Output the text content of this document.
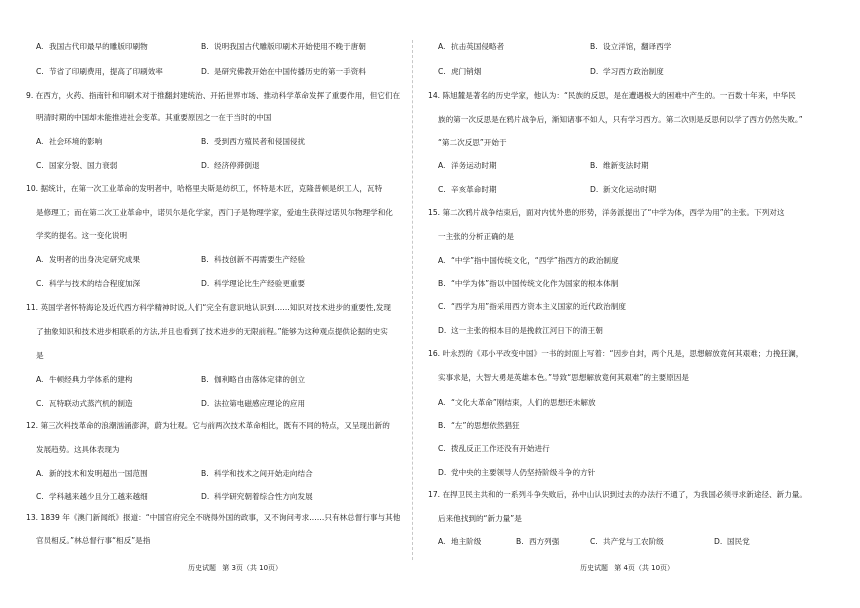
A. 我国古代印最早的雕版印刷物	B. 说明我国古代雕版印刷术开始使用不晚于唐朝
C. 节省了印刷费用，提高了印刷效率	D. 是研究佛教开始在中国传播历史的第一手资料
9. 在西方，火药、指南针和印刷术对于推翻封建统治、开拓世界市场、推动科学革命发挥了重要作用，但它们在
明清时期的中国却未能推进社会变革。其重要原因之一在于当时的中国
A. 社会环境的影响	B. 受到西方殖民者和侵国侵扰
C. 国家分裂、国力衰弱	D. 经济停滞倒退
10. 据统计，在第一次工业革命的发明者中，哈格里夫斯是纺织工，怀特是木匠，克隆普顿是织工人，瓦特
是修理工；而在第二次工业革命中，诺贝尔是化学家，西门子是物理学家，爱迪生获得过诺贝尔物理学和化
学奖的提名。这一变化说明
A. 发明者的出身决定研究成果	B. 科技创新不再需要生产经验
C. 科学与技术的结合程度加深	D. 科学理论比生产经验更重要
11. 英国学者怀特海论及近代西方科学精神时说,人们“完全有意识地认识到……知识对技术进步的重要性,发现
了抽象知识和技术进步相联系的方法,并且也看到了技术进步的无限前程。”能够为这种观点提供论据的史实
是
A. 牛顿经典力学体系的建构	B. 伽利略自由落体定律的创立
C. 瓦特联动式蒸汽机的制造	D. 法拉第电磁感应理论的应用
12. 第三次科技革命的浪潮汹涌澎湃，蔚为壮观。它与前两次技术革命相比，既有不同的特点，又呈现出新的
发展趋势。这具体表现为
A. 新的技术和发明超出一国范围	B. 科学和技术之间开始走向结合
C. 学科越来越少且分工越来越细	D. 科学研究朝着综合性方向发展
13. 1839 年《澳门新闻纸》报道：“中国官府完全不晓得外国的政事，又不询问考求……只有林总督行事与其他
官员相反。”林总督行事“相反”是指
历史试题 第 3页（共 10页）
A. 抗击英国侵略者	B. 设立洋馆，翻译西学
C. 虎门销烟	D. 学习西方政治制度
14. 陈旭麓是著名的历史学家，他认为：“民族的反思，是在遭遇极大的困难中产生的。一百数十年来，中华民
族的第一次反思是在鸦片战争后，渐知诸事不如人，只有学习西方。第二次则是反思何以学了西方仍然失败。”
“第二次反思”开始于
A. 洋务运动时期	B. 维新变法时期
C. 辛亥革命时期	D. 新文化运动时期
15. 第二次鸦片战争结束后，面对内忧外患的形势，洋务派提出了“中学为体，西学为用”的主张。下列对这
一主张的分析正确的是
A. “中学”指中国传统文化，“西学”指西方的政治制度
B. “中学为体”指以中国传统文化作为国家的根本体制
C. “西学为用”指采用西方资本主义国家的近代政治制度
D. 这一主张的根本目的是挽救江河日下的清王朝
16. 叶永烈的《邓小平改变中国》一书的封面上写着：“因步自封，两个凡是，思想解放竟何其艰难；力挽狂澜，
实事求是，大智大勇是英雄本色。”导致“思想解放竟何其艰难”的主要原因是
A. “文化大革命”刚结束，人们的思想还未解放
B. “左”的思想依然猖狂
C. 拨乱反正工作还没有开始进行
D. 党中央的主要领导人仍坚持阶级斗争的方针
17. 在捍卫民主共和的一系列斗争失败后，孙中山认识到过去的办法行不通了，为我国必须寻求新途径、新力量。
后来他找到的“新力量”是
A. 地主阶级	B. 西方列强	C. 共产党与工农阶级	D. 国民党
历史试题 第 4页（共 10页）
